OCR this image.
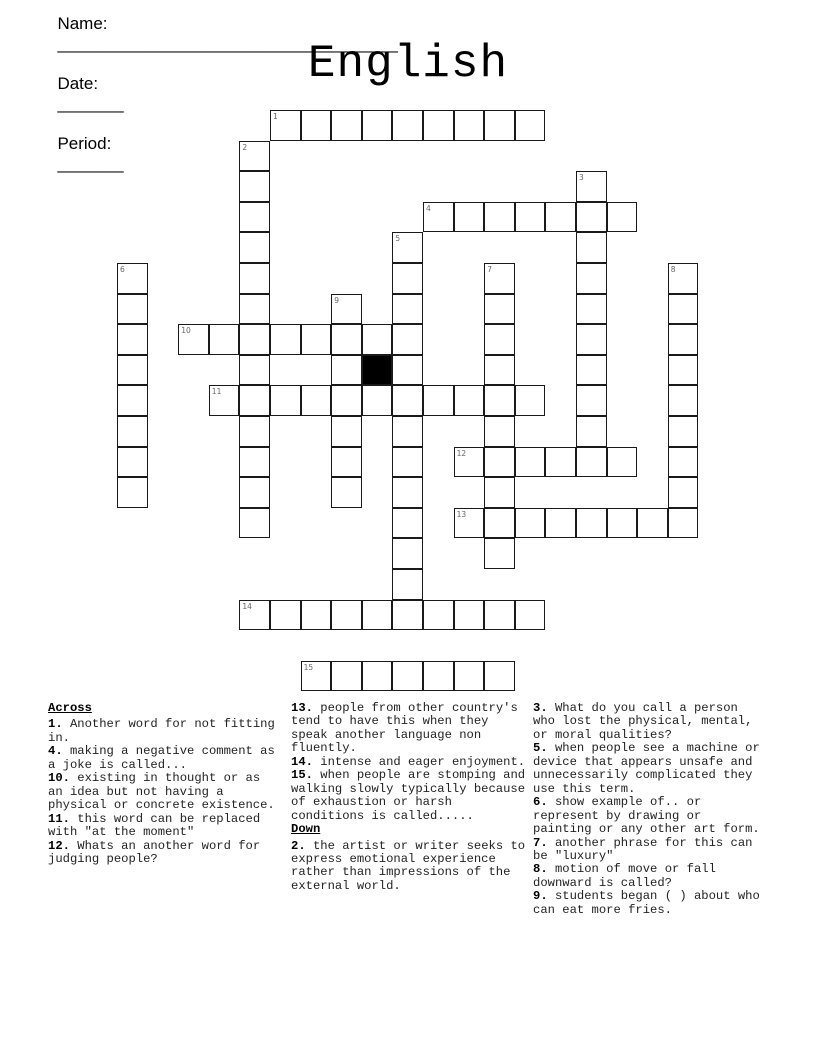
Name:
____________________________________

Date:
_______

Period:
_______

English
1
2
3
4
5
6	7	8
9
10
11
12
13
14
15
Across
1. Another word for not fitting in.
4. making a negative comment as a joke is called...
10. existing in thought or as an idea but not having a physical or concrete existence.
11. this word can be replaced with "at the moment"
12. Whats an another word for judging people?
13. people from other country's tend to have this when they speak another language non fluently.
14. intense and eager enjoyment.
15. when people are stomping and walking slowly typically because of exhaustion or harsh conditions is called.....
Down
2. the artist or writer seeks to express emotional experience rather than impressions of the external world.
3. What do you call a person who lost the physical, mental, or moral qualities?
5. when people see a machine or device that appears unsafe and unnecessarily complicated they use this term.
6. show example of.. or represent by drawing or painting or any other art form.
7. another phrase for this can be "luxury"
8. motion of move or fall downward is called?
9. students began ( ) about who can eat more fries.
